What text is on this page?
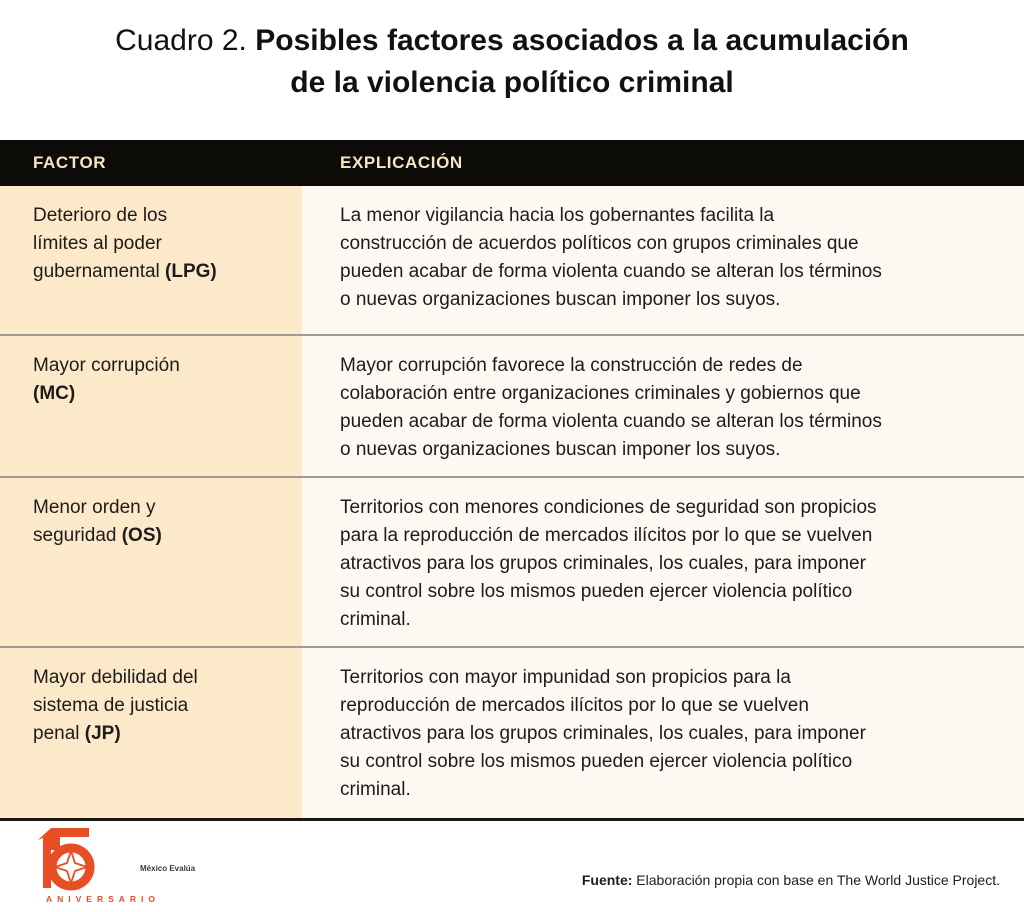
Cuadro 2. Posibles factores asociados a la acumulación
de la violencia político criminal
FACTOR	EXPLICACIÓN
Deterioro de los
límites al poder
gubernamental (LPG)
La menor vigilancia hacia los gobernantes facilita la
construcción de acuerdos políticos con grupos criminales que
pueden acabar de forma violenta cuando se alteran los términos
o nuevas organizaciones buscan imponer los suyos.
Mayor corrupción
(MC)
Mayor corrupción favorece la construcción de redes de
colaboración entre organizaciones criminales y gobiernos que
pueden acabar de forma violenta cuando se alteran los términos
o nuevas organizaciones buscan imponer los suyos.
Menor orden y
seguridad (OS)
Territorios con menores condiciones de seguridad son propicios
para la reproducción de mercados ilícitos por lo que se vuelven
atractivos para los grupos criminales, los cuales, para imponer
su control sobre los mismos pueden ejercer violencia político
criminal.
Mayor debilidad del
sistema de justicia
penal (JP)
Territorios con mayor impunidad son propicios para la
reproducción de mercados ilícitos por lo que se vuelven
atractivos para los grupos criminales, los cuales, para imponer
su control sobre los mismos pueden ejercer violencia político
criminal.
México Evalúa
ANIVERSARIO
Fuente: Elaboración propia con base en The World Justice Project.
